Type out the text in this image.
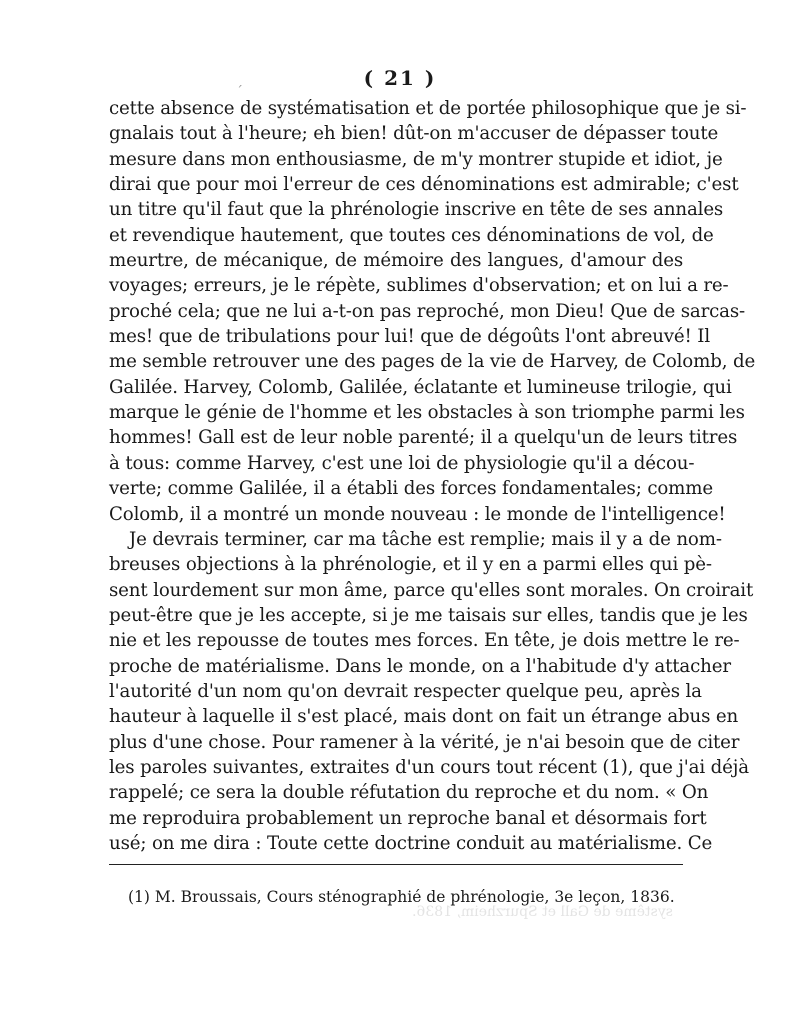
( 21 )
cette absence de systématisation et de portée philosophique que je si-
gnalais tout à l'heure; eh bien! dût-on m'accuser de dépasser toute
mesure dans mon enthousiasme, de m'y montrer stupide et idiot, je
dirai que pour moi l'erreur de ces dénominations est admirable; c'est
un titre qu'il faut que la phrénologie inscrive en tête de ses annales
et revendique hautement, que toutes ces dénominations de vol, de
meurtre, de mécanique, de mémoire des langues, d'amour des
voyages; erreurs, je le répète, sublimes d'observation; et on lui a re-
proché cela; que ne lui a-t-on pas reproché, mon Dieu! Que de sarcas-
mes! que de tribulations pour lui! que de dégoûts l'ont abreuvé! Il
me semble retrouver une des pages de la vie de Harvey, de Colomb, de
Galilée. Harvey, Colomb, Galilée, éclatante et lumineuse trilogie, qui
marque le génie de l'homme et les obstacles à son triomphe parmi les
hommes! Gall est de leur noble parenté; il a quelqu'un de leurs titres
à tous: comme Harvey, c'est une loi de physiologie qu'il a décou-
verte; comme Galilée, il a établi des forces fondamentales; comme
Colomb, il a montré un monde nouveau : le monde de l'intelligence!
Je devrais terminer, car ma tâche est remplie; mais il y a de nom-
breuses objections à la phrénologie, et il y en a parmi elles qui pè-
sent lourdement sur mon âme, parce qu'elles sont morales. On croirait
peut-être que je les accepte, si je me taisais sur elles, tandis que je les
nie et les repousse de toutes mes forces. En tête, je dois mettre le re-
proche de matérialisme. Dans le monde, on a l'habitude d'y attacher
l'autorité d'un nom qu'on devrait respecter quelque peu, après la
hauteur à laquelle il s'est placé, mais dont on fait un étrange abus en
plus d'une chose. Pour ramener à la vérité, je n'ai besoin que de citer
les paroles suivantes, extraites d'un cours tout récent (1), que j'ai déjà
rappelé; ce sera la double réfutation du reproche et du nom. « On
me reproduira probablement un reproche banal et désormais fort
usé; on me dira : Toute cette doctrine conduit au matérialisme. Ce
(1) M. Broussais, Cours sténographié de phrénologie, 3e leçon, 1836.
systême de Gall et Spurzheim, 1836.
ˊ
